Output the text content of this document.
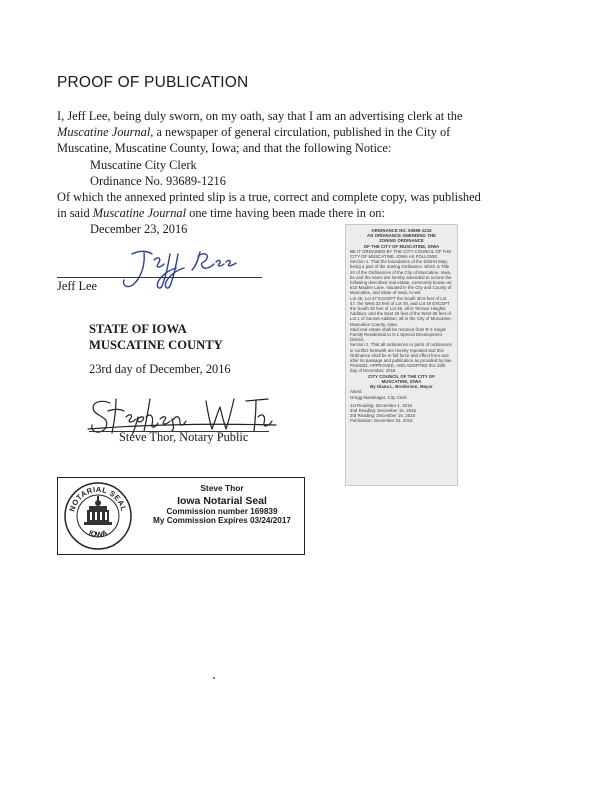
PROOF OF PUBLICATION
I, Jeff Lee, being duly sworn, on my oath, say that I am an advertising clerk at the
Muscatine Journal, a newspaper of general circulation, published in the City of
Muscatine, Muscatine County, Iowa; and that the following Notice:
Muscatine City Clerk
Ordinance No. 93689-1216
Of which the annexed printed slip is a true, correct and complete copy, was published
in said Muscatine Journal one time having been made there in on:
December 23, 2016
Jeff Lee
STATE OF IOWA
MUSCATINE COUNTY
23rd day of December, 2016
Steve Thor, Notary Public
NOTARIAL SEAL
IOWA
Steve Thor
Iowa Notarial Seal
Commission number 169839
My Commission Expires 03/24/2017
ORDINANCE NO. 93689-1216
AN ORDINANCE AMENDING THE
ZONING ORDINANCE
OF THE CITY OF MUSCATINE, IOWA
BE IT ORDAINED BY THE CITY COUNCIL OF THE CITY OF MUSCATINE, IOWA AS FOLLOWS:
Section 1. That the boundaries of the District Map, being a part of the Zoning Ordinance, which is Title 10 of the Ordinances of the City of Muscatine, Iowa, be and the same are hereby amended to rezone the following described real estate, commonly known as 610 Maiden Lane, situated in the City and County of Muscatine, and State of Iowa, to-wit:
Lot 46, Lot 47 EXCEPT the South 30.6 feet of Lot 47, the West 33 feet of Lot 48, and Lot 49 EXCEPT the South 20 feet of Lot 49, all in Terrace Heights Addition; and the East 36 feet of the West 66 feet of Lot 1 of Sunset Addition; all in the City of Muscatine, Muscatine County, Iowa.
Said real estate shall be rezoned from R-3 Single Family Residential to S-1 Special Development District.
Section 2. That all ordinances or parts of ordinances in conflict herewith are hereby repealed and this Ordinance shall be in full force and effect from and after its passage and publication as provided by law.
PASSED, APPROVED, AND ADOPTED this 15th day of December, 2016.
CITY COUNCIL OF THE CITY OF
MUSCATINE, IOWA
By Diana L. Broderson, Mayor
Attest:
Gregg Mandsager, City Clerk
1st Reading: December 1, 2016
2nd Reading: December 15, 2016
3rd Reading: December 15, 2016
Publication: December 23, 2016
